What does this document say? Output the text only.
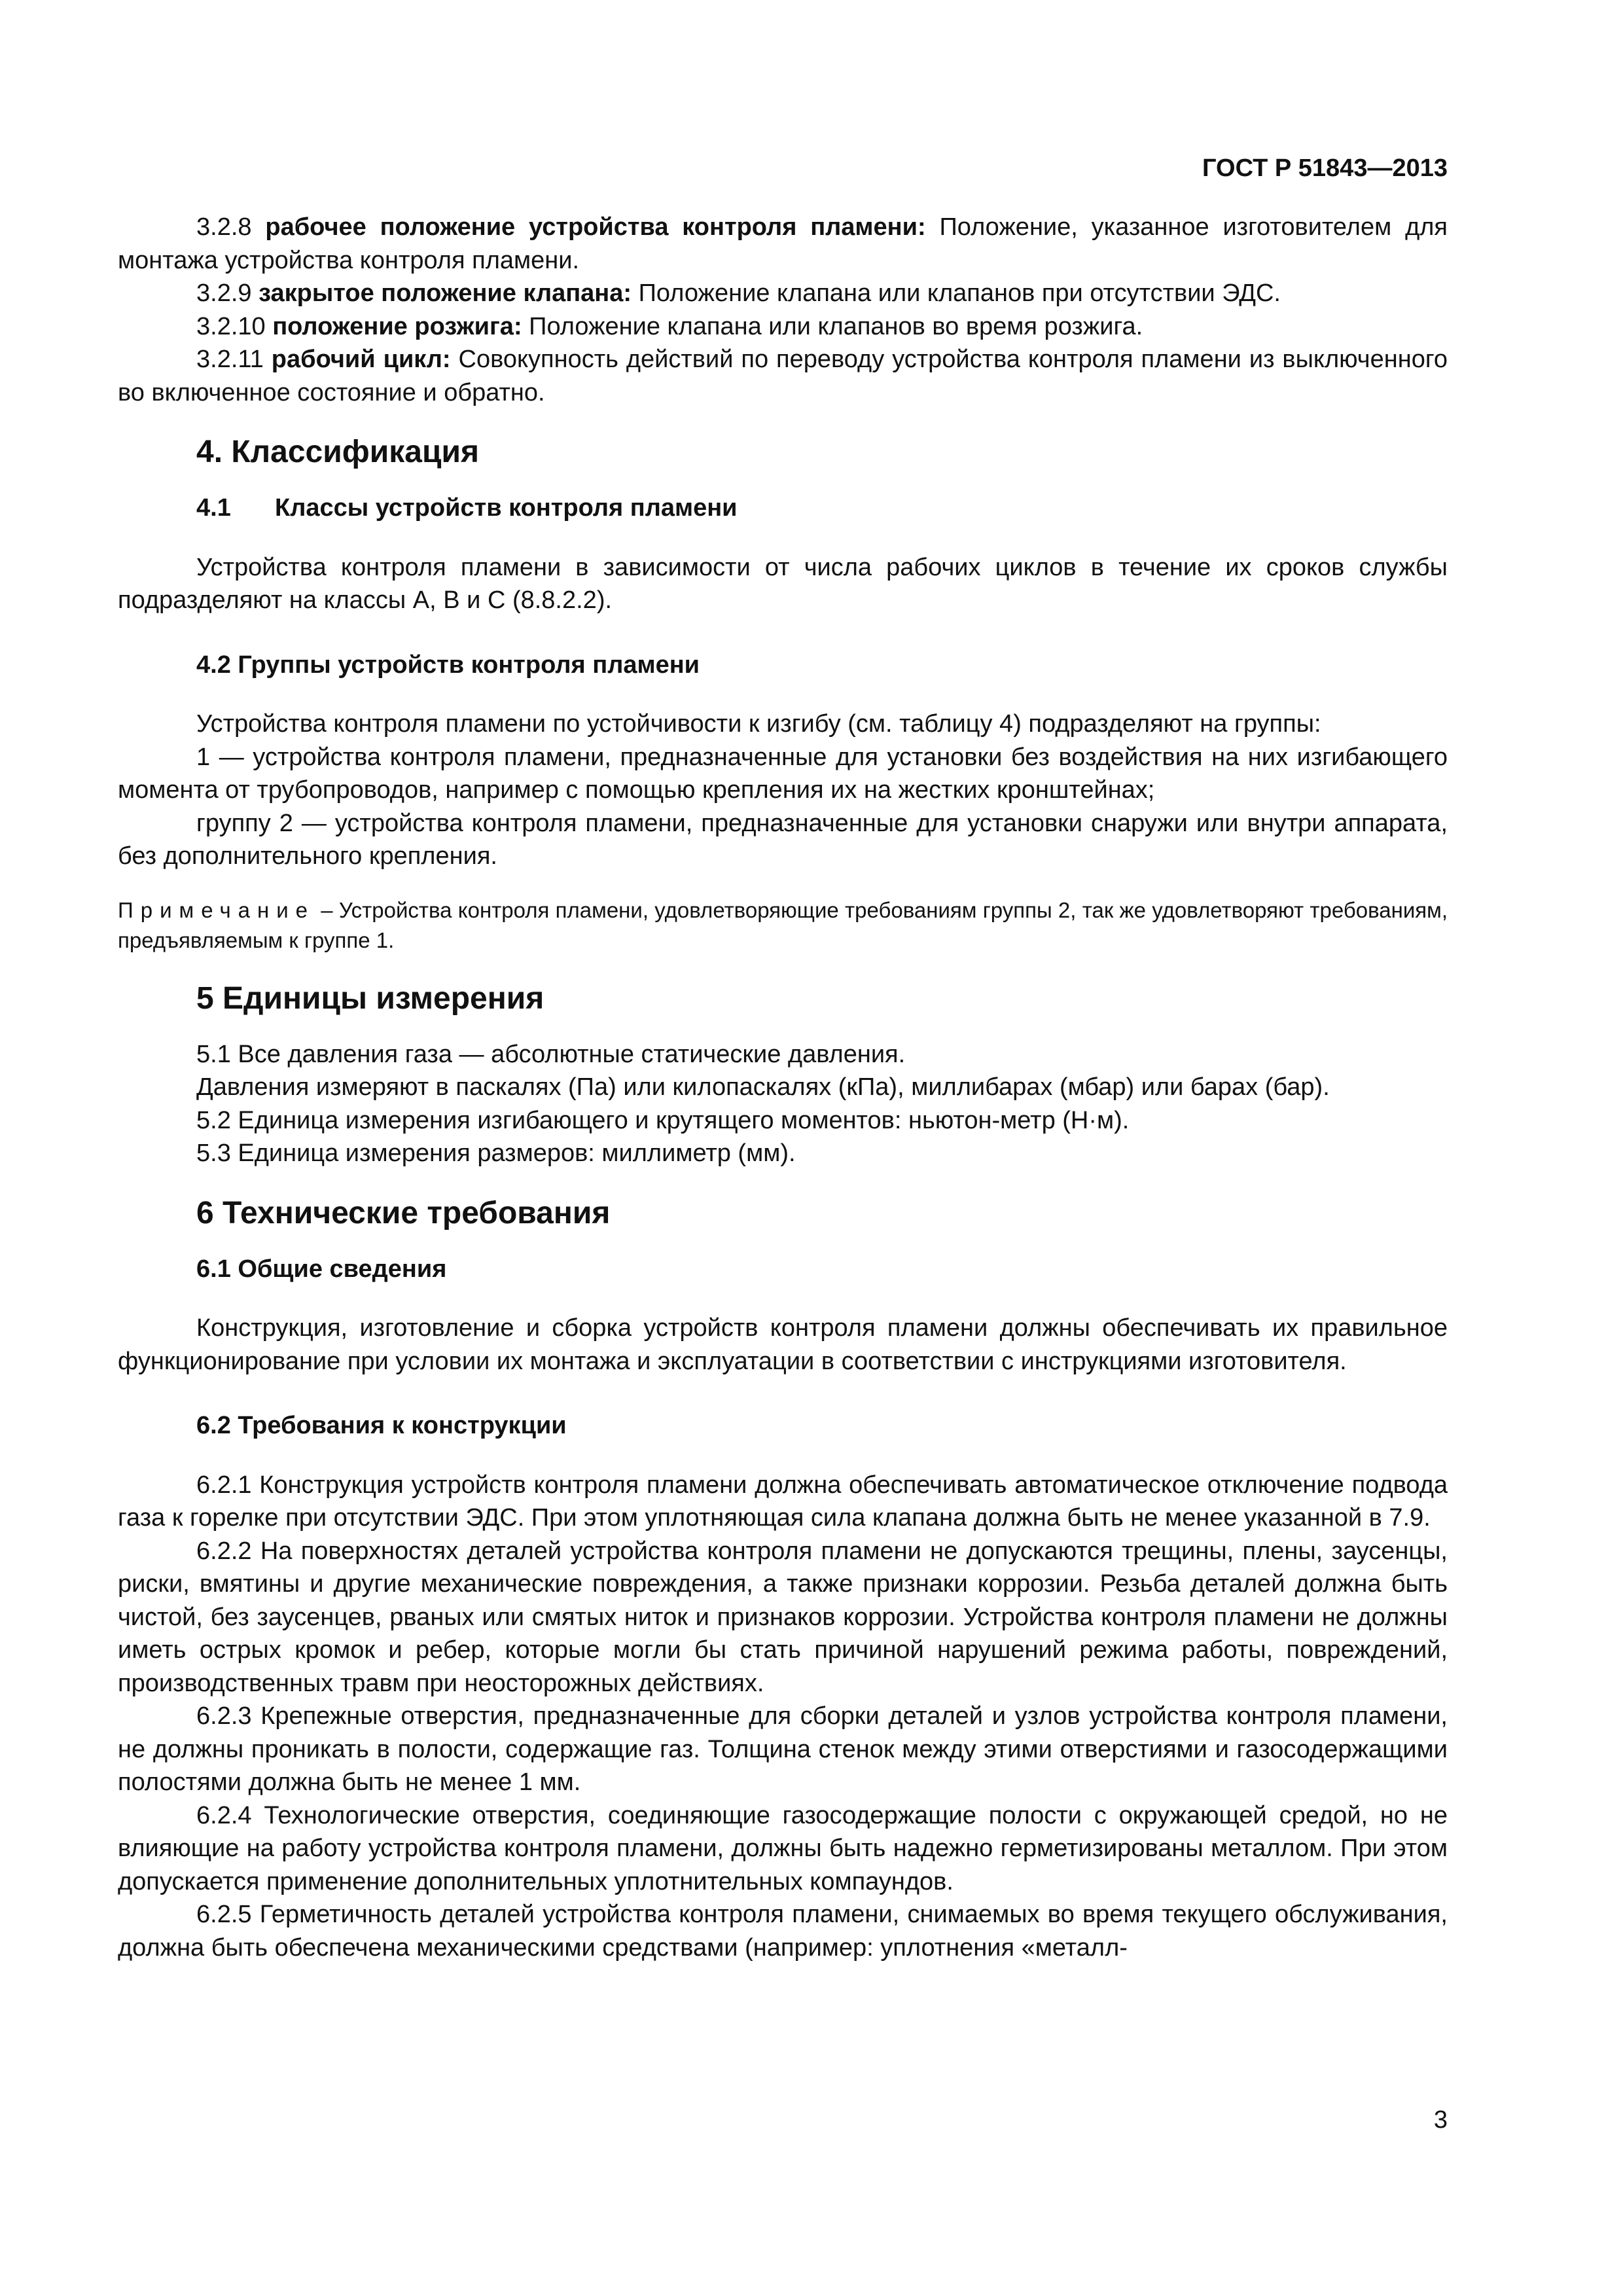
ГОСТ Р 51843—2013

3.2.8 рабочее положение устройства контроля пламени: Положение, указанное изготовителем для монтажа устройства контроля пламени.

3.2.9 закрытое положение клапана: Положение клапана или клапанов при отсутствии ЭДС.

3.2.10 положение розжига: Положение клапана или клапанов во время розжига.

3.2.11 рабочий цикл: Совокупность действий по переводу устройства контроля пламени из выключенного во включенное состояние и обратно.

4. Классификация
4.1 Классы устройств контроля пламени

Устройства контроля пламени в зависимости от числа рабочих циклов в течение их сроков службы подразделяют на классы А, В и С (8.8.2.2).

4.2 Группы устройств контроля пламени

Устройства контроля пламени по устойчивости к изгибу (см. таблицу 4) подразделяют на группы:

1 — устройства контроля пламени, предназначенные для установки без воздействия на них изгибающего момента от трубопроводов, например с помощью крепления их на жестких кронштейнах;

группу 2 — устройства контроля пламени, предназначенные для установки снаружи или внутри аппарата, без дополнительного крепления.

Примечание – Устройства контроля пламени, удовлетворяющие требованиям группы 2, так же удовлетворяют требованиям, предъявляемым к группе 1.

5 Единицы измерения

5.1 Все давления газа — абсолютные статические давления.

Давления измеряют в паскалях (Па) или килопаскалях (кПа), миллибарах (мбар) или барах (бар).

5.2 Единица измерения изгибающего и крутящего моментов: ньютон-метр (Н·м).

5.3 Единица измерения размеров: миллиметр (мм).

6 Технические требования
6.1 Общие сведения

Конструкция, изготовление и сборка устройств контроля пламени должны обеспечивать их правильное функционирование при условии их монтажа и эксплуатации в соответствии с инструкциями изготовителя.

6.2 Требования к конструкции

6.2.1 Конструкция устройств контроля пламени должна обеспечивать автоматическое отключение подвода газа к горелке при отсутствии ЭДС. При этом уплотняющая сила клапана должна быть не менее указанной в 7.9.

6.2.2 На поверхностях деталей устройства контроля пламени не допускаются трещины, плены, заусенцы, риски, вмятины и другие механические повреждения, а также признаки коррозии. Резьба деталей должна быть чистой, без заусенцев, рваных или смятых ниток и признаков коррозии. Устройства контроля пламени не должны иметь острых кромок и ребер, которые могли бы стать причиной нарушений режима работы, повреждений, производственных травм при неосторожных действиях.

6.2.3 Крепежные отверстия, предназначенные для сборки деталей и узлов устройства контроля пламени, не должны проникать в полости, содержащие газ. Толщина стенок между этими отверстиями и газосодержащими полостями должна быть не менее 1 мм.

6.2.4 Технологические отверстия, соединяющие газосодержащие полости с окружающей средой, но не влияющие на работу устройства контроля пламени, должны быть надежно герметизированы металлом. При этом допускается применение дополнительных уплотнительных компаундов.

6.2.5 Герметичность деталей устройства контроля пламени, снимаемых во время текущего обслуживания, должна быть обеспечена механическими средствами (например: уплотнения «металл-

3
